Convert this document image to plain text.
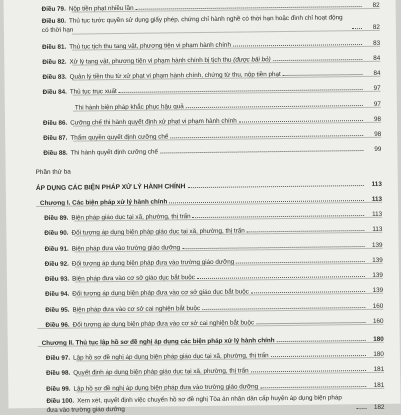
Điều 79. Nộp tiền phạt nhiều lần	82
Điều 80. Thủ tục tước quyền sử dụng giấy phép, chứng chỉ hành nghề có thời hạn hoặc đình chỉ hoạt động có thời hạn	82
Điều 81. Thủ tục tịch thu tang vật, phương tiện vi phạm hành chính	83
Điều 82. Xử lý tang vật, phương tiện vi phạm hành chính bị tịch thu (được bãi bỏ)	84
Điều 83. Quản lý tiền thu từ xử phạt vi phạm hành chính, chứng từ thu, nộp tiền phạt	84
Điều 84. Thủ tục trục xuất	97
Thi hành biện pháp khắc phục hậu quả	97
Điều 86. Cưỡng chế thi hành quyết định xử phạt vi phạm hành chính	98
Điều 87. Thẩm quyền quyết định cưỡng chế	98
Điều 88. Thi hành quyết định cưỡng chế	99
Phần thứ ba
ÁP DỤNG CÁC BIỆN PHÁP XỬ LÝ HÀNH CHÍNH	113
Chương I. Các biện pháp xử lý hành chính	113
Điều 89. Biện pháp giáo dục tại xã, phường, thị trấn	113
Điều 90. Đối tượng áp dụng biện pháp giáo dục tại xã, phường, thị trấn	113
Điều 91. Biện pháp đưa vào trường giáo dưỡng	139
Điều 92. Đối tượng áp dụng biện pháp đưa vào trường giáo dưỡng	139
Điều 93. Biện pháp đưa vào cơ sở giáo dục bắt buộc	139
Điều 94. Đối tượng áp dụng biện pháp đưa vào cơ sở giáo dục bắt buộc	139
Điều 95. Biện pháp đưa vào cơ sở cai nghiện bắt buộc	160
Điều 96. Đối tượng áp dụng biện pháp đưa vào cơ sở cai nghiện bắt buộc	160
Chương II. Thủ tục lập hồ sơ đề nghị áp dụng các biện pháp xử lý hành chính	180
Điều 97. Lập hồ sơ đề nghị áp dụng biện pháp giáo dục tại xã, phường, thị trấn	180
Điều 98. Quyết định áp dụng biện pháp giáo dục tại xã, phường, thị trấn	181
Điều 99. Lập hồ sơ đề nghị áp dụng biện pháp đưa vào trường giáo dưỡng	181
Điều 100. Xem xét, quyết định việc chuyển hồ sơ đề nghị Tòa án nhân dân cấp huyện áp dụng biện pháp đưa vào trường giáo dưỡng	182
